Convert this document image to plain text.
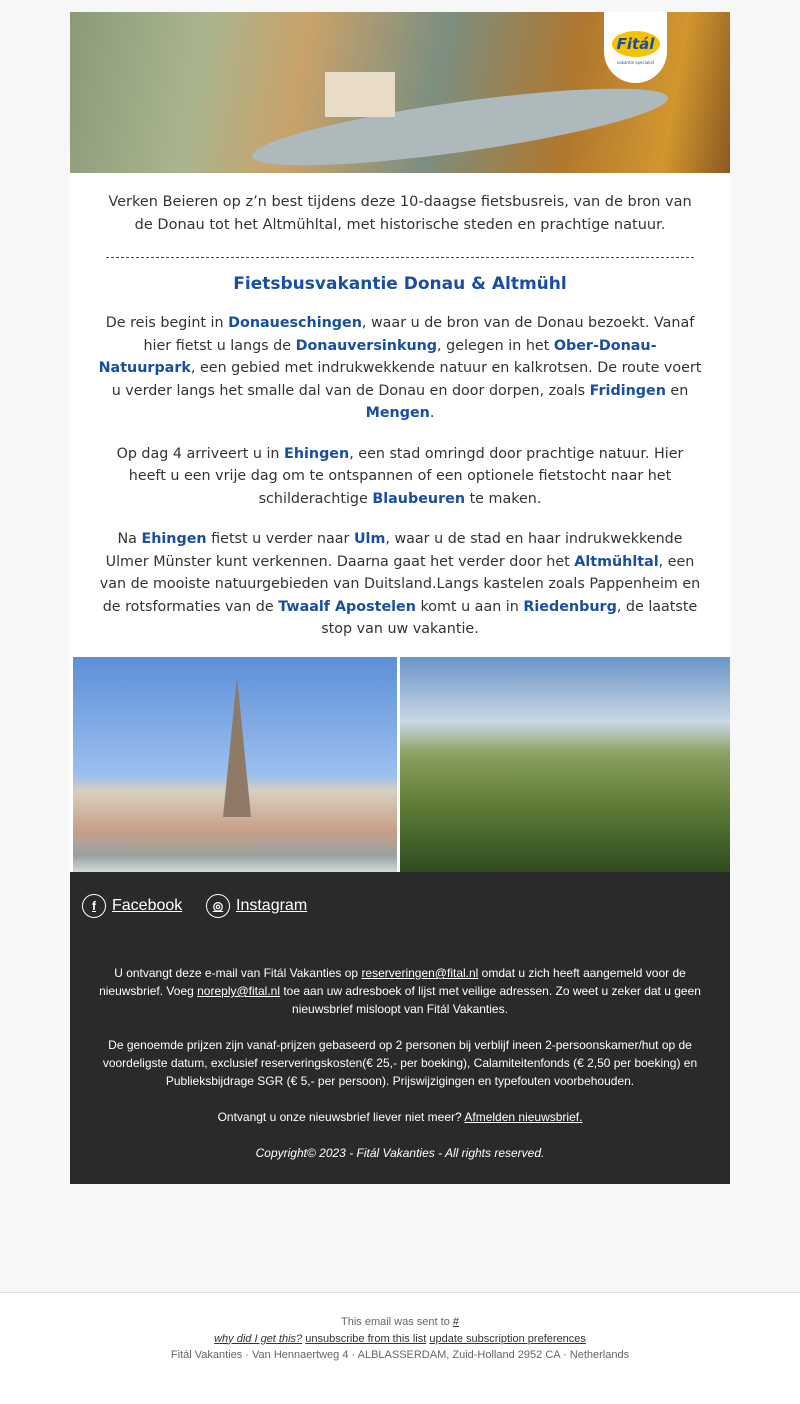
Fitál
vakantie specialist
Verken Beieren op z’n best tijdens deze 10-daagse fietsbusreis, van de bron van de Donau tot het Altmühltal, met historische steden en prachtige natuur.
Fietsbusvakantie Donau & Altmühl

De reis begint in Donaueschingen, waar u de bron van de Donau bezoekt. Vanaf hier fietst u langs de Donauversinkung, gelegen in het Ober-Donau-Natuurpark, een gebied met indrukwekkende natuur en kalkrotsen. De route voert u verder langs het smalle dal van de Donau en door dorpen, zoals Fridingen en Mengen.

Op dag 4 arriveert u in Ehingen, een stad omringd door prachtige natuur. Hier heeft u een vrije dag om te ontspannen of een optionele fietstocht naar het schilderachtige Blaubeuren te maken.

Na Ehingen fietst u verder naar Ulm, waar u de stad en haar indrukwekkende Ulmer Münster kunt verkennen. Daarna gaat het verder door het Altmühltal, een van de mooiste natuurgebieden van Duitsland.Langs kastelen zoals Pappenheim en de rotsformaties van de Twaalf Apostelen komt u aan in Riedenburg, de laatste stop van uw vakantie.

f	Facebook	◎ Instagram

U ontvangt deze e-mail van Fitál Vakanties op reserveringen@fital.nl omdat u zich heeft aangemeld voor de nieuwsbrief. Voeg noreply@fital.nl toe aan uw adresboek of lijst met veilige adressen. Zo weet u zeker dat u geen nieuwsbrief misloopt van Fitál Vakanties.

De genoemde prijzen zijn vanaf-prijzen gebaseerd op 2 personen bij verblijf ineen 2-persoonskamer/hut op de voordeligste datum, exclusief reserveringskosten(€ 25,- per boeking), Calamiteitenfonds (€ 2,50 per boeking) en Publieksbijdrage SGR (€ 5,- per persoon). Prijswijzigingen en typefouten voorbehouden.

Ontvangt u onze nieuwsbrief liever niet meer? Afmelden nieuwsbrief.

Copyright© 2023 - Fitál Vakanties - All rights reserved.

This email was sent to #
why did I get this? unsubscribe from this list update subscription preferences
Fitál Vakanties · Van Hennaertweg 4 · ALBLASSERDAM, Zuid-Holland 2952 CA · Netherlands
